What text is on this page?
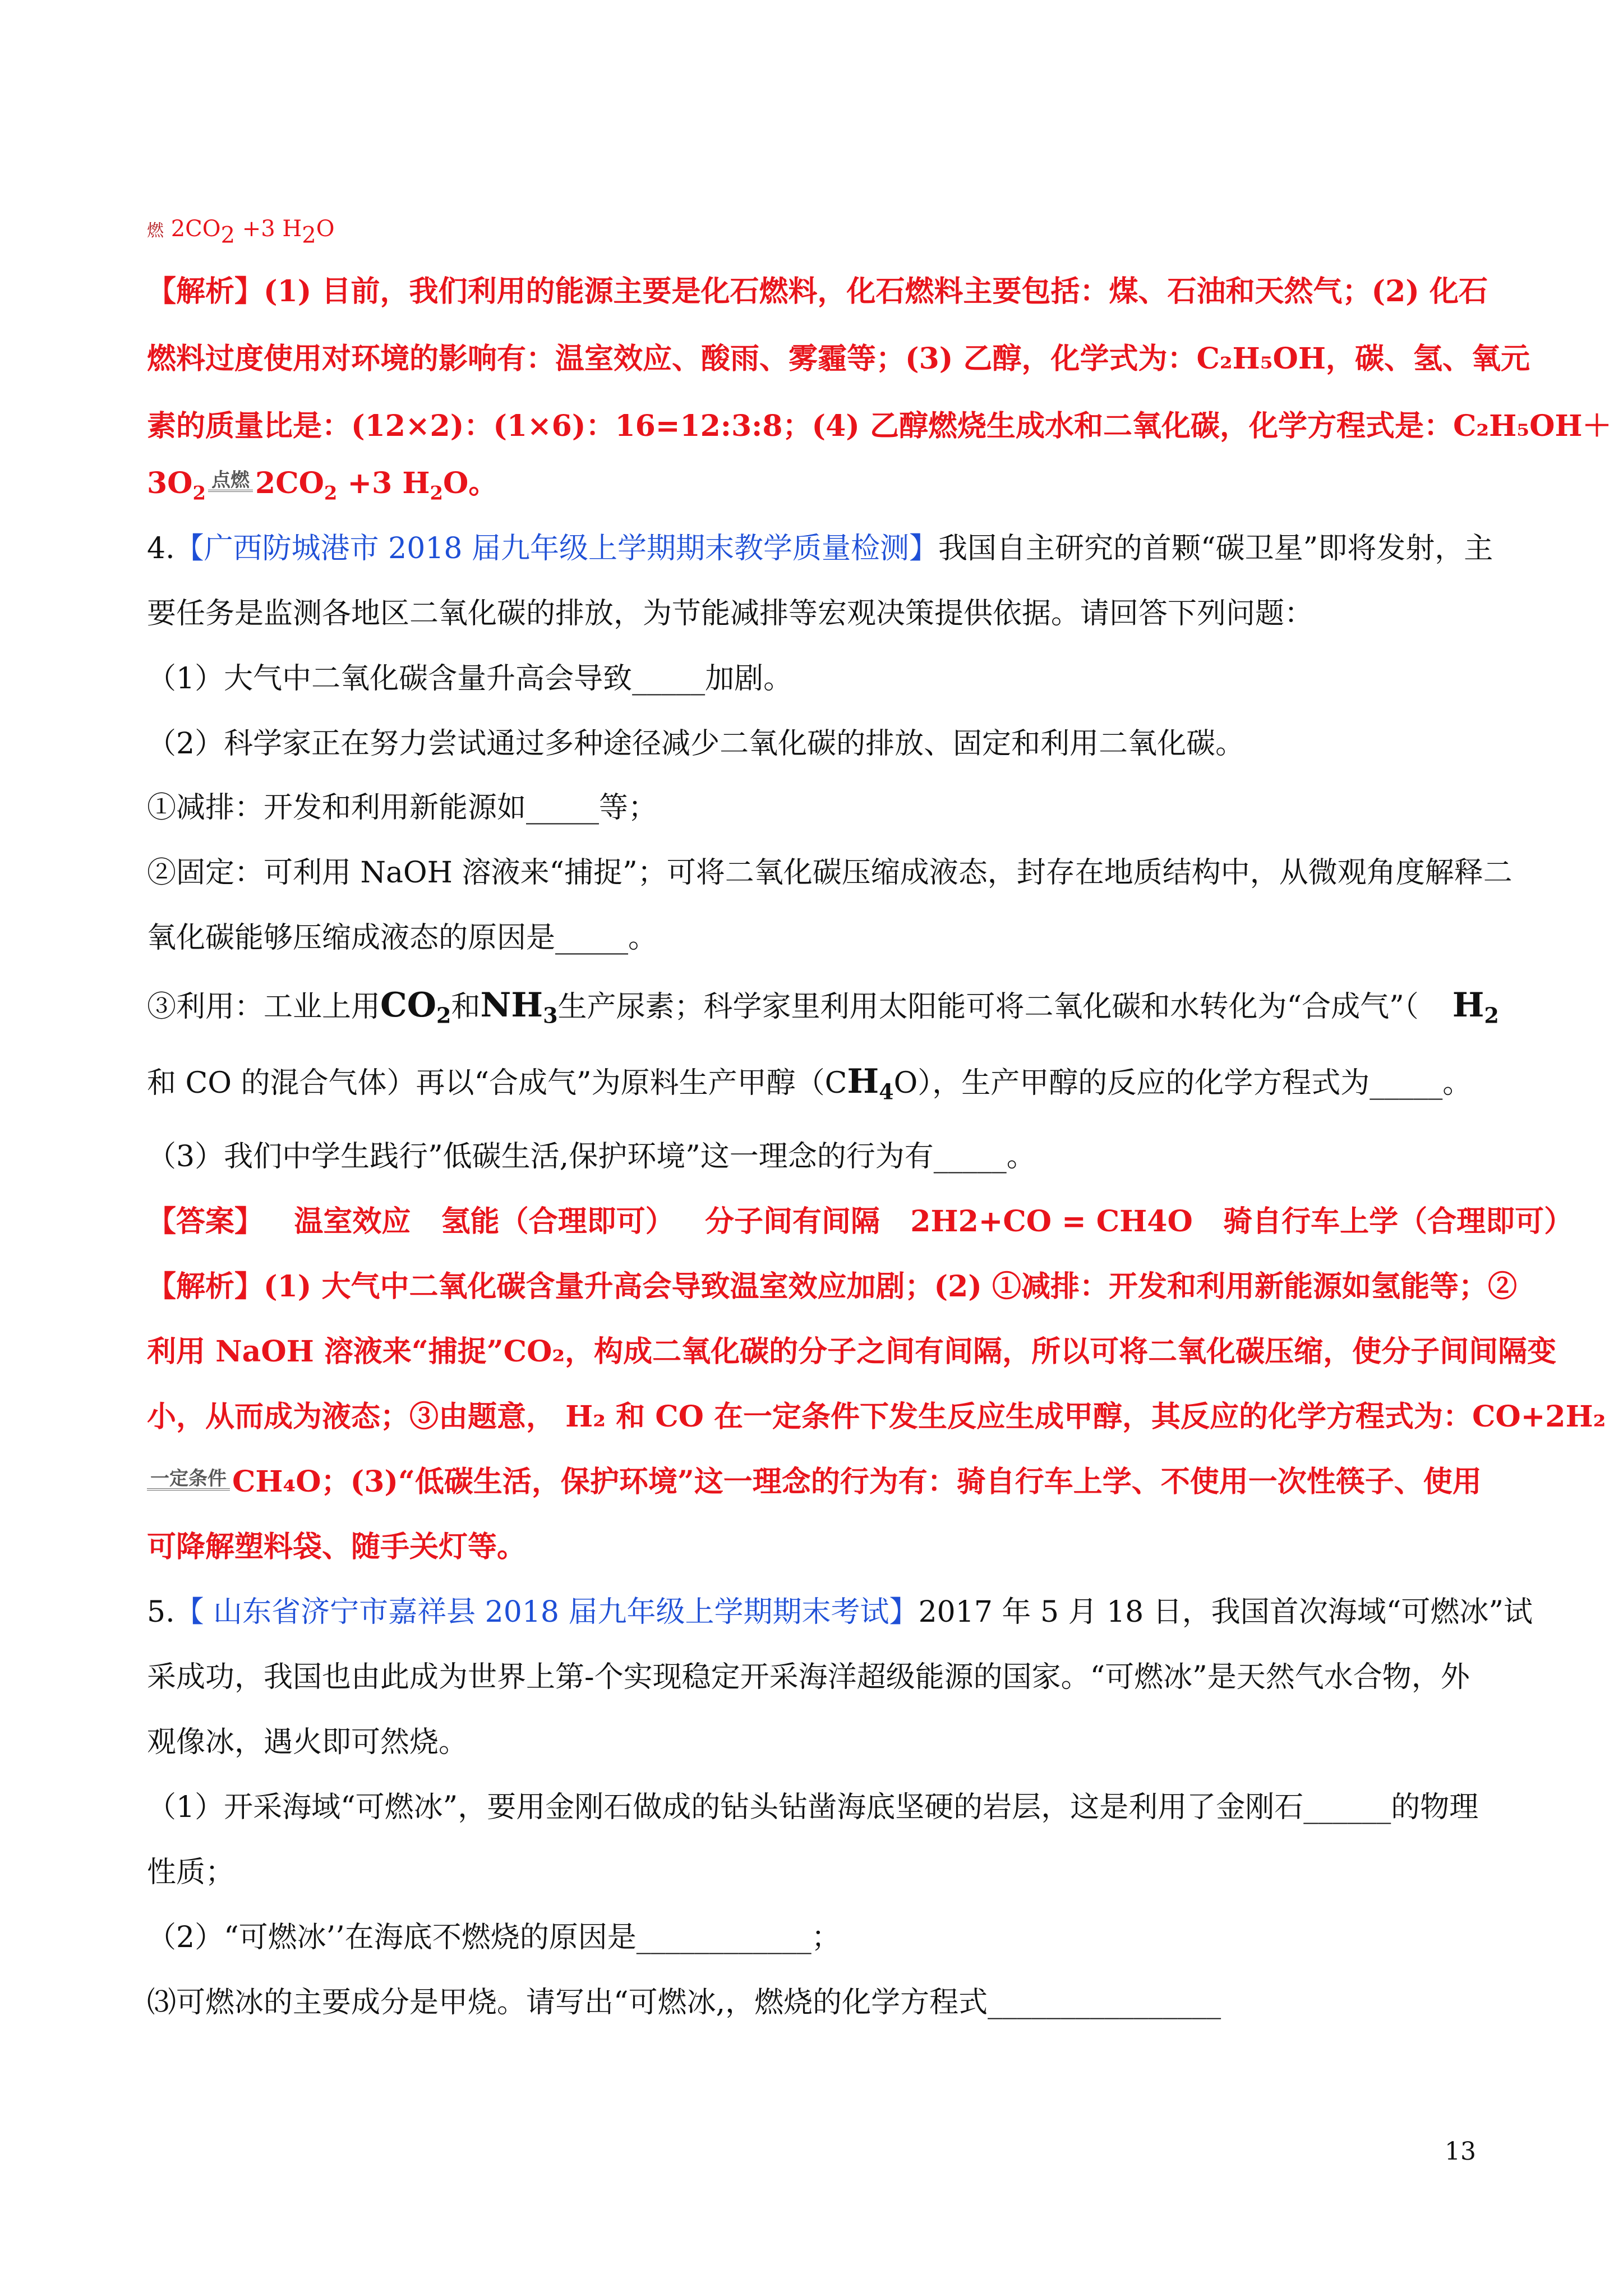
燃 $2CO_2 +3$ $H_2O$
【解析】(1) 目前，我们利用的能源主要是化石燃料，化石燃料主要包括：煤、石油和天然气；(2) 化石
燃料过度使用对环境的影响有：温室效应、酸雨、雾霾等；(3) 乙醇，化学式为：C₂H₅OH，碳、氢、氧元
素的质量比是：(12×2)：(1×6)：16=12:3:8；(4) 乙醇燃烧生成水和二氧化碳，化学方程式是：C₂H₅OH＋
$3O_2$点燃 $2CO_2 +3$ $H_2O$。
4.【广西防城港市 2018 届九年级上学期期末教学质量检测】我国自主研究的首颗“碳卫星”即将发射，主
要任务是监测各地区二氧化碳的排放，为节能减排等宏观决策提供依据。请回答下列问题：
（1）大气中二氧化碳含量升高会导致_____加剧。
（2）科学家正在努力尝试通过多种途径减少二氧化碳的排放、固定和利用二氧化碳。
①减排：开发和利用新能源如_____等；
②固定：可利用 NaOH 溶液来“捕捉”；可将二氧化碳压缩成液态，封存在地质结构中，从微观角度解释二
氧化碳能够压缩成液态的原因是_____。
③利用：工业上用$CO_2$和$NH_3$生产尿素；科学家里利用太阳能可将二氧化碳和水转化为“合成气”（ $H_2$
和 CO 的混合气体）再以“合成气”为原料生产甲醇$(CH_4O)$，生产甲醇的反应的化学方程式为_____。
（3）我们中学生践行”低碳生活,保护环境”这一理念的行为有_____。
【答案】   温室效应   氢能（合理即可）   分子间有间隔   2H2+CO = CH4O   骑自行车上学（合理即可）
【解析】(1) 大气中二氧化碳含量升高会导致温室效应加剧；(2) ①减排：开发和利用新能源如氢能等；②
利用 NaOH 溶液来“捕捉”CO₂，构成二氧化碳的分子之间有间隔，所以可将二氧化碳压缩，使分子间间隔变
小，从而成为液态；③由题意， H₂ 和 CO 在一定条件下发生反应生成甲醇，其反应的化学方程式为：CO+2H₂
一定条件 CH₄O；(3)“低碳生活，保护环境”这一理念的行为有：骑自行车上学、不使用一次性筷子、使用
可降解塑料袋、随手关灯等。
5.【 山东省济宁市嘉祥县 2018 届九年级上学期期末考试】2017 年 5 月 18 日，我国首次海域“可燃冰”试
采成功，我国也由此成为世界上第-个实现稳定开采海洋超级能源的国家。“可燃冰”是天然气水合物，外
观像冰，遇火即可然烧。
（1）开采海域“可燃冰”，要用金刚石做成的钻头钻凿海底坚硬的岩层，这是利用了金刚石______的物理
性质；
（2）“可燃冰’’在海底不燃烧的原因是____________；
⑶可燃冰的主要成分是甲烧。请写出“可燃冰,，燃烧的化学方程式________________
13
